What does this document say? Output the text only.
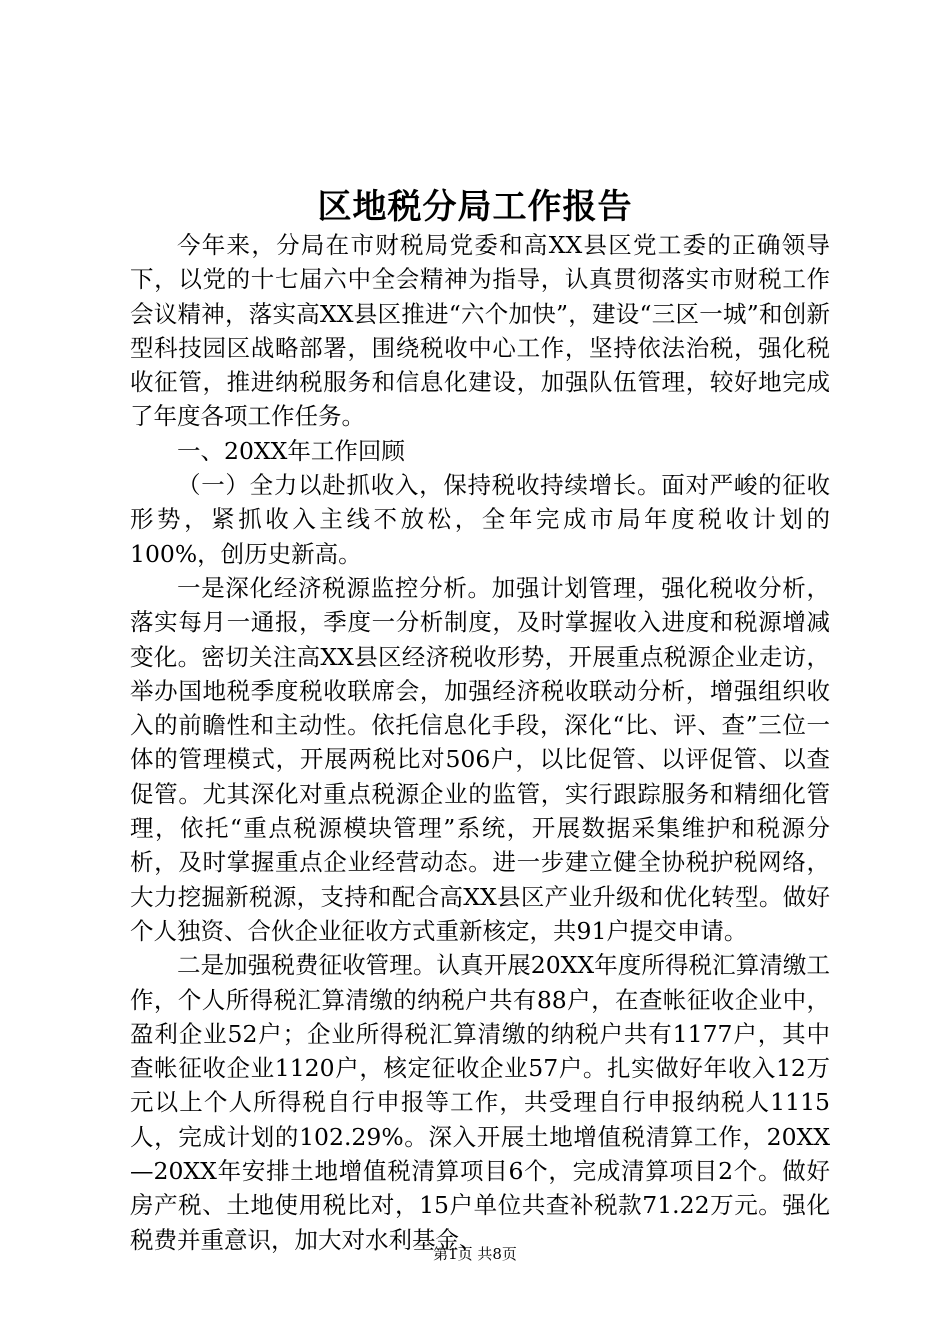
区地税分局工作报告

今年来，分局在市财税局党委和高XX县区党工委的正确领导下，以党的十七届六中全会精神为指导，认真贯彻落实市财税工作会议精神，落实高XX县区推进“六个加快”，建设“三区一城”和创新型科技园区战略部署，围绕税收中心工作，坚持依法治税，强化税收征管，推进纳税服务和信息化建设，加强队伍管理，较好地完成了年度各项工作任务。

一、20XX年工作回顾

（一）全力以赴抓收入，保持税收持续增长。面对严峻的征收形势，紧抓收入主线不放松，全年完成市局年度税收计划的100%，创历史新高。

一是深化经济税源监控分析。加强计划管理，强化税收分析，落实每月一通报，季度一分析制度，及时掌握收入进度和税源增减变化。密切关注高XX县区经济税收形势，开展重点税源企业走访，举办国地税季度税收联席会，加强经济税收联动分析，增强组织收入的前瞻性和主动性。依托信息化手段，深化“比、评、查”三位一体的管理模式，开展两税比对506户，以比促管、以评促管、以查促管。尤其深化对重点税源企业的监管，实行跟踪服务和精细化管理，依托“重点税源模块管理”系统，开展数据采集维护和税源分析，及时掌握重点企业经营动态。进一步建立健全协税护税网络，大力挖掘新税源，支持和配合高XX县区产业升级和优化转型。做好个人独资、合伙企业征收方式重新核定，共91户提交申请。

二是加强税费征收管理。认真开展20XX年度所得税汇算清缴工作，个人所得税汇算清缴的纳税户共有88户，在查帐征收企业中，盈利企业52户；企业所得税汇算清缴的纳税户共有1177户，其中查帐征收企业1120户，核定征收企业57户。扎实做好年收入12万元以上个人所得税自行申报等工作，共受理自行申报纳税人1115人，完成计划的102.29%。深入开展土地增值税清算工作，20XX—20XX年安排土地增值税清算项目6个，完成清算项目2个。做好房产税、土地使用税比对，15户单位共查补税款71.22万元。强化税费并重意识，加大对水利基金、

第1页 共8页
